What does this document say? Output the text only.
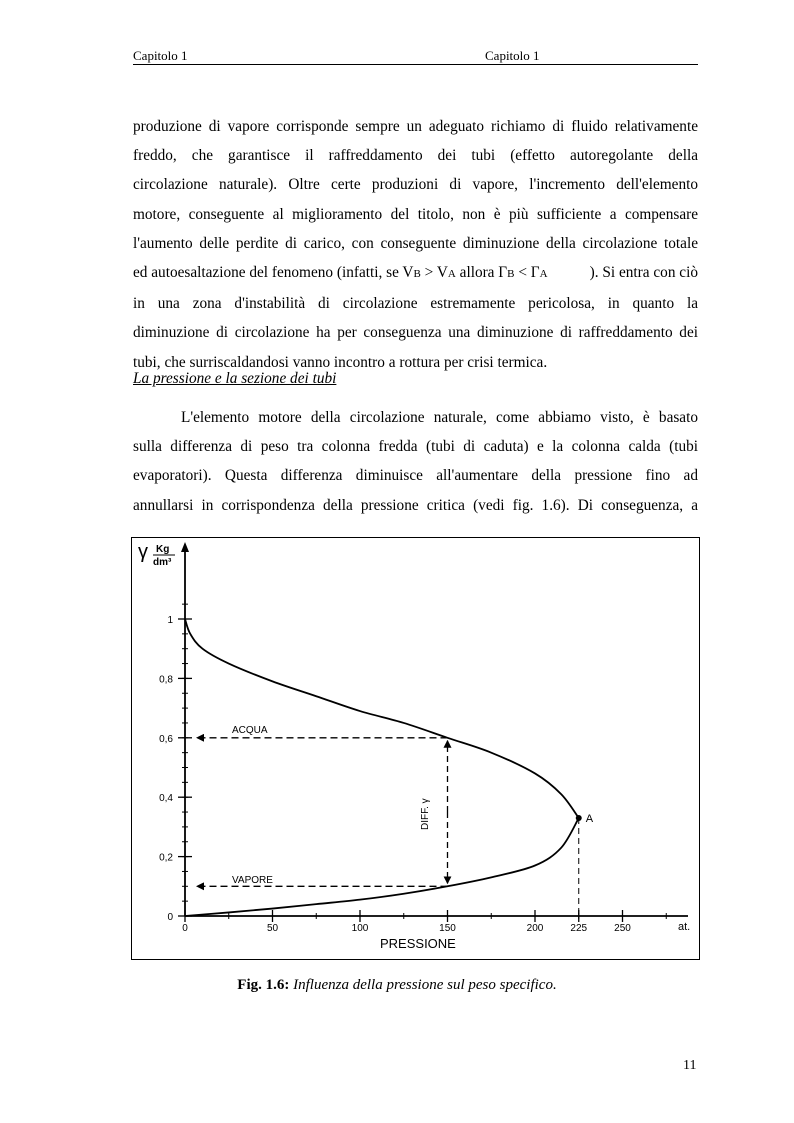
Capitolo 1	Capitolo 1
produzione di vapore corrisponde sempre un adeguato richiamo di fluido relativamente
freddo, che garantisce il raffreddamento dei tubi (effetto autoregolante della
circolazione naturale). Oltre certe produzioni di vapore, l'incremento dell'elemento
motore, conseguente al miglioramento del titolo, non è più sufficiente a compensare
l'aumento delle perdite di carico, con conseguente diminuzione della circolazione totale
ed autoesaltazione del fenomeno (infatti, se VB > VA allora ΓB < ΓA	). Si entra con ciò
in una zona d'instabilità di circolazione estremamente pericolosa, in quanto la
diminuzione di circolazione ha per conseguenza una diminuzione di raffreddamento dei
tubi, che surriscaldandosi vanno incontro a rottura per crisi termica.
La pressione e la sezione dei tubi
L'elemento motore della circolazione naturale, come abbiamo visto, è basato
sulla differenza di peso tra colonna fredda (tubi di caduta) e la colonna calda (tubi
evaporatori). Questa differenza diminuisce all'aumentare della pressione fino ad
annullarsi in corrispondenza della pressione critica (vedi fig. 1.6). Di conseguenza, a
0
0,2
0,4
0,6
0,8
1
0	50	100	150	200	225	250
γ Kg
dm³
at.
PRESSIONE
A
ACQUA
VAPORE
DIFF. γ
Fig. 1.6: Influenza della pressione sul peso specifico.
11
